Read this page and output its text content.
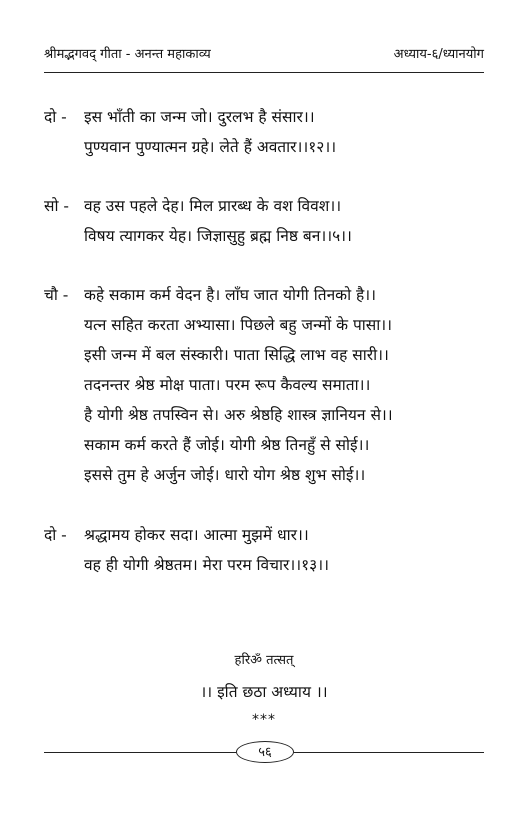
श्रीमद्भगवद् गीता - अनन्त महाकाव्य	अध्याय-६/ध्यानयोग
दो - इस भाँती का जन्म जो। दुरलभ है संसार।।
पुण्यवान पुण्यात्मन ग्रहे। लेते हैं अवतार।।१२।।
सो - वह उस पहले देह। मिल प्रारब्ध के वश विवश।।
विषय त्यागकर येह। जिज्ञासुहु ब्रह्म निष्ठ बन।।५।।
चौ - कहे सकाम कर्म वेदन है। लाँघ जात योगी तिनको है।।
यत्न सहित करता अभ्यासा। पिछले बहु जन्मों के पासा।।
इसी जन्म में बल संस्कारी। पाता सिद्धि लाभ वह सारी।।
तदनन्तर श्रेष्ठ मोक्ष पाता। परम रूप कैवल्य समाता।।
है योगी श्रेष्ठ तपस्विन से। अरु श्रेष्ठहि शास्त्र ज्ञानियन से।।
सकाम कर्म करते हैं जोई। योगी श्रेष्ठ तिनहुँ से सोई।।
इससे तुम हे अर्जुन जोई। धारो योग श्रेष्ठ शुभ सोई।।
दो - श्रद्धामय होकर सदा। आत्मा मुझमें धार।।
वह ही योगी श्रेष्ठतम। मेरा परम विचार।।१३।।
हरिॐ तत्सत्
।। इति छठा अध्याय ।।
***
५६
